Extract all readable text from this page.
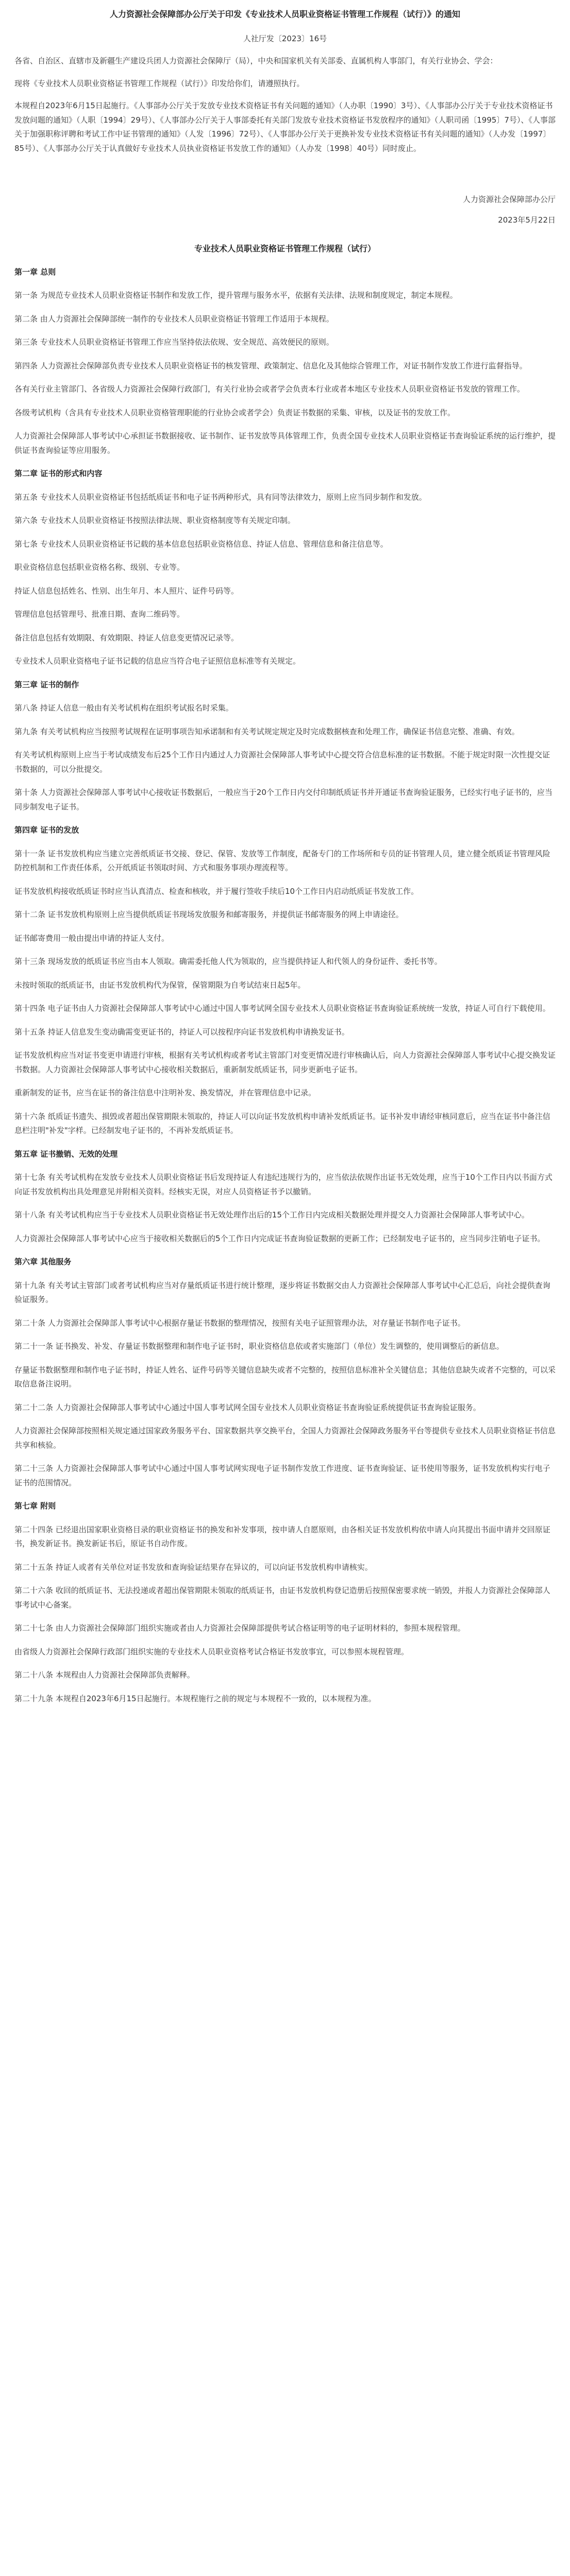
人力资源社会保障部办公厅关于印发《专业技术人员职业资格证书管理工作规程（试行）》的通知

人社厅发〔2023〕16号

各省、自治区、直辖市及新疆生产建设兵团人力资源社会保障厅（局），中央和国家机关有关部委、直属机构人事部门，有关行业协会、学会：

现将《专业技术人员职业资格证书管理工作规程（试行）》印发给你们，请遵照执行。

本规程自2023年6月15日起施行。《人事部办公厅关于发放专业技术资格证书有关问题的通知》（人办职〔1990〕3号）、《人事部办公厅关于专业技术资格证书发放问题的通知》（人职〔1994〕29号）、《人事部办公厅关于人事部委托有关部门发放专业技术资格证书发放程序的通知》（人职司函〔1995〕7号）、《人事部关于加强职称评聘和考试工作中证书管理的通知》（人发〔1996〕72号）、《人事部办公厅关于更换补发专业技术资格证书有关问题的通知》（人办发〔1997〕85号）、《人事部办公厅关于认真做好专业技术人员执业资格证书发放工作的通知》（人办发〔1998〕40号）同时废止。

人力资源社会保障部办公厅

2023年5月22日

专业技术人员职业资格证书管理工作规程（试行）

第一章 总则

第一条 为规范专业技术人员职业资格证书制作和发放工作，提升管理与服务水平，依据有关法律、法规和制度规定，制定本规程。

第二条 由人力资源社会保障部统一制作的专业技术人员职业资格证书管理工作适用于本规程。

第三条 专业技术人员职业资格证书管理工作应当坚持依法依规、安全规范、高效便民的原则。

第四条 人力资源社会保障部负责专业技术人员职业资格证书的核发管理、政策制定、信息化及其他综合管理工作，对证书制作发放工作进行监督指导。

各有关行业主管部门、各省级人力资源社会保障行政部门，有关行业协会或者学会负责本行业或者本地区专业技术人员职业资格证书发放的管理工作。

各级考试机构（含具有专业技术人员职业资格管理职能的行业协会或者学会）负责证书数据的采集、审核，以及证书的发放工作。

人力资源社会保障部人事考试中心承担证书数据接收、证书制作、证书发放等具体管理工作，负责全国专业技术人员职业资格证书查询验证系统的运行维护，提供证书查询验证等应用服务。

第二章 证书的形式和内容

第五条 专业技术人员职业资格证书包括纸质证书和电子证书两种形式，具有同等法律效力，原则上应当同步制作和发放。

第六条 专业技术人员职业资格证书按照法律法规、职业资格制度等有关规定印制。

第七条 专业技术人员职业资格证书记载的基本信息包括职业资格信息、持证人信息、管理信息和备注信息等。

职业资格信息包括职业资格名称、级别、专业等。

持证人信息包括姓名、性别、出生年月、本人照片、证件号码等。

管理信息包括管理号、批准日期、查询二维码等。

备注信息包括有效期限、有效期限、持证人信息变更情况记录等。

专业技术人员职业资格电子证书记载的信息应当符合电子证照信息标准等有关规定。

第三章 证书的制作

第八条 持证人信息一般由有关考试机构在组织考试报名时采集。

第九条 有关考试机构应当按照考试规程在证明事项告知承诺制和有关考试规定规定及时完成数据核查和处理工作，确保证书信息完整、准确、有效。

有关考试机构原则上应当于考试成绩发布后25个工作日内通过人力资源社会保障部人事考试中心提交符合信息标准的证书数据。不能于规定时限一次性提交证书数据的，可以分批提交。

第十条 人力资源社会保障部人事考试中心接收证书数据后，一般应当于20个工作日内交付印制纸质证书并开通证书查询验证服务，已经实行电子证书的，应当同步制发电子证书。

第四章 证书的发放

第十一条 证书发放机构应当建立完善纸质证书交接、登记、保管、发放等工作制度，配备专门的工作场所和专员的证书管理人员，建立健全纸质证书管理风险防控机制和工作责任体系，公开纸质证书领取时间、方式和服务事项办理流程等。

证书发放机构接收纸质证书时应当认真清点、检查和核收，并于履行签收手续后10个工作日内启动纸质证书发放工作。

第十二条 证书发放机构原则上应当提供纸质证书现场发放服务和邮寄服务，并提供证书邮寄服务的网上申请途径。

证书邮寄费用一般由提出申请的持证人支付。

第十三条 现场发放的纸质证书应当由本人领取。确需委托他人代为领取的，应当提供持证人和代领人的身份证件、委托书等。

未按时领取的纸质证书，由证书发放机构代为保管，保管期限为自考试结束日起5年。

第十四条 电子证书由人力资源社会保障部人事考试中心通过中国人事考试网全国专业技术人员职业资格证书查询验证系统统一发放，持证人可自行下载使用。

第十五条 持证人信息发生变动确需变更证书的，持证人可以按程序向证书发放机构申请换发证书。

证书发放机构应当对证书变更申请进行审核，根据有关考试机构或者考试主管部门对变更情况进行审核确认后，向人力资源社会保障部人事考试中心提交换发证书数据。人力资源社会保障部人事考试中心接收相关数据后，重新制发纸质证书，同步更新电子证书。

重新制发的证书，应当在证书的备注信息中注明补发、换发情况，并在管理信息中记录。

第十六条 纸质证书遗失、损毁或者超出保管期限未领取的，持证人可以向证书发放机构申请补发纸质证书。证书补发申请经审核同意后，应当在证书中备注信息栏注明"补发"字样。已经制发电子证书的，不再补发纸质证书。

第五章 证书撤销、无效的处理

第十七条 有关考试机构在发放专业技术人员职业资格证书后发现持证人有违纪违规行为的，应当依法依规作出证书无效处理，应当于10个工作日内以书面方式向证书发放机构出具处理意见并附相关资料。经核实无误，对应人员资格证书予以撤销。

第十八条 有关考试机构应当于专业技术人员职业资格证书无效处理作出后的15个工作日内完成相关数据处理并提交人力资源社会保障部人事考试中心。

人力资源社会保障部人事考试中心应当于接收相关数据后的5个工作日内完成证书查询验证数据的更新工作；已经制发电子证书的，应当同步注销电子证书。

第六章 其他服务

第十九条 有关考试主管部门或者考试机构应当对存量纸质证书进行统计整理，逐步将证书数据交由人力资源社会保障部人事考试中心汇总后，向社会提供查询验证服务。

第二十条 人力资源社会保障部人事考试中心根据存量证书数据的整理情况，按照有关电子证照管理办法，对存量证书制作电子证书。

第二十一条 证书换发、补发、存量证书数据整理和制作电子证书时，职业资格信息依或者实施部门（单位）发生调整的，使用调整后的新信息。

存量证书数据整理和制作电子证书时，持证人姓名、证件号码等关键信息缺失或者不完整的，按照信息标准补全关键信息；其他信息缺失或者不完整的，可以采取信息备注说明。

第二十二条 人力资源社会保障部人事考试中心通过中国人事考试网全国专业技术人员职业资格证书查询验证系统提供证书查询验证服务。

人力资源社会保障部按照相关规定通过国家政务服务平台、国家数据共享交换平台，全国人力资源社会保障政务服务平台等提供专业技术人员职业资格证书信息共享和核验。

第二十三条 人力资源社会保障部人事考试中心通过中国人事考试网实现电子证书制作发放工作进度、证书查询验证、证书使用等服务，证书发放机构实行电子证书的范围情况。

第七章 附则

第二十四条 已经退出国家职业资格目录的职业资格证书的换发和补发事项，按申请人自愿原则，由各相关证书发放机构依申请人向其提出书面申请并交回原证书，换发新证书。换发新证书后，原证书自动作废。

第二十五条 持证人或者有关单位对证书发放和查询验证结果存在异议的，可以向证书发放机构申请核实。

第二十六条 收回的纸质证书、无法投递或者超出保管期限未领取的纸质证书，由证书发放机构登记造册后按照保密要求统一销毁，并报人力资源社会保障部人事考试中心备案。

第二十七条 由人力资源社会保障部门组织实施或者由人力资源社会保障部提供考试合格证明等的电子证明材料的，参照本规程管理。

由省级人力资源社会保障行政部门组织实施的专业技术人员职业资格考试合格证书发放事宜，可以参照本规程管理。

第二十八条 本规程由人力资源社会保障部负责解释。

第二十九条 本规程自2023年6月15日起施行。本规程施行之前的规定与本规程不一致的，以本规程为准。
